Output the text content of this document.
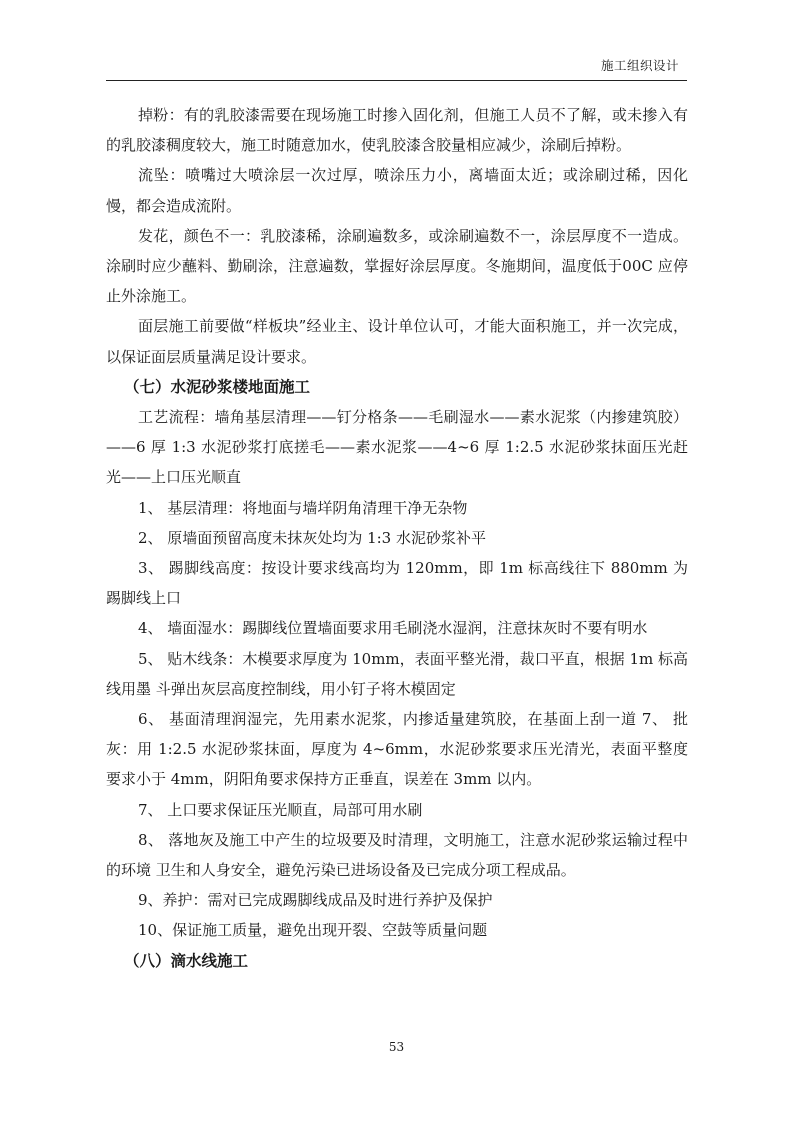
施工组织设计

掉粉：有的乳胶漆需要在现场施工时掺入固化剂，但施工人员不了解，或未掺入有的乳胶漆稠度较大，施工时随意加水，使乳胶漆含胶量相应减少，涂刷后掉粉。

流坠：喷嘴过大喷涂层一次过厚，喷涂压力小，离墙面太近；或涂刷过稀，因化慢，都会造成流附。

发花，颜色不一：乳胶漆稀，涂刷遍数多，或涂刷遍数不一，涂层厚度不一造成。涂刷时应少蘸料、勤刷涂，注意遍数，掌握好涂层厚度。冬施期间，温度低于00C 应停止外涂施工。

面层施工前要做“样板块”经业主、设计单位认可，才能大面积施工，并一次完成，以保证面层质量满足设计要求。

（七）水泥砂浆楼地面施工

工艺流程：墙角基层清理——钉分格条——毛刷湿水——素水泥浆（内掺建筑胶）——6 厚 1:3 水泥砂浆打底搓毛——素水泥浆——4~6 厚 1:2.5 水泥砂浆抹面压光赶光——上口压光顺直

1、 基层清理：将地面与墙垟阴角清理干净无杂物

2、 原墙面预留高度未抹灰处均为 1:3 水泥砂浆补平

3、 踢脚线高度：按设计要求线高均为 120mm，即 1m 标高线往下 880mm 为踢脚线上口

4、 墙面湿水：踢脚线位置墙面要求用毛刷浇水湿润，注意抹灰时不要有明水

5、 贴木线条：木模要求厚度为 10mm，表面平整光滑，裁口平直，根据 1m 标高线用墨 斗弹出灰层高度控制线，用小钉子将木模固定

6、 基面清理润湿完，先用素水泥浆，内掺适量建筑胶，在基面上刮一道 7、 批灰：用 1:2.5 水泥砂浆抹面，厚度为 4~6mm，水泥砂浆要求压光清光，表面平整度 要求小于 4mm，阴阳角要求保持方正垂直，误差在 3mm 以内。

7、 上口要求保证压光顺直，局部可用水刷

8、 落地灰及施工中产生的垃圾要及时清理，文明施工，注意水泥砂浆运输过程中的环境 卫生和人身安全，避免污染已进场设备及已完成分项工程成品。

9、养护：需对已完成踢脚线成品及时进行养护及保护

10、保证施工质量，避免出现开裂、空鼓等质量问题

（八）滴水线施工

53
